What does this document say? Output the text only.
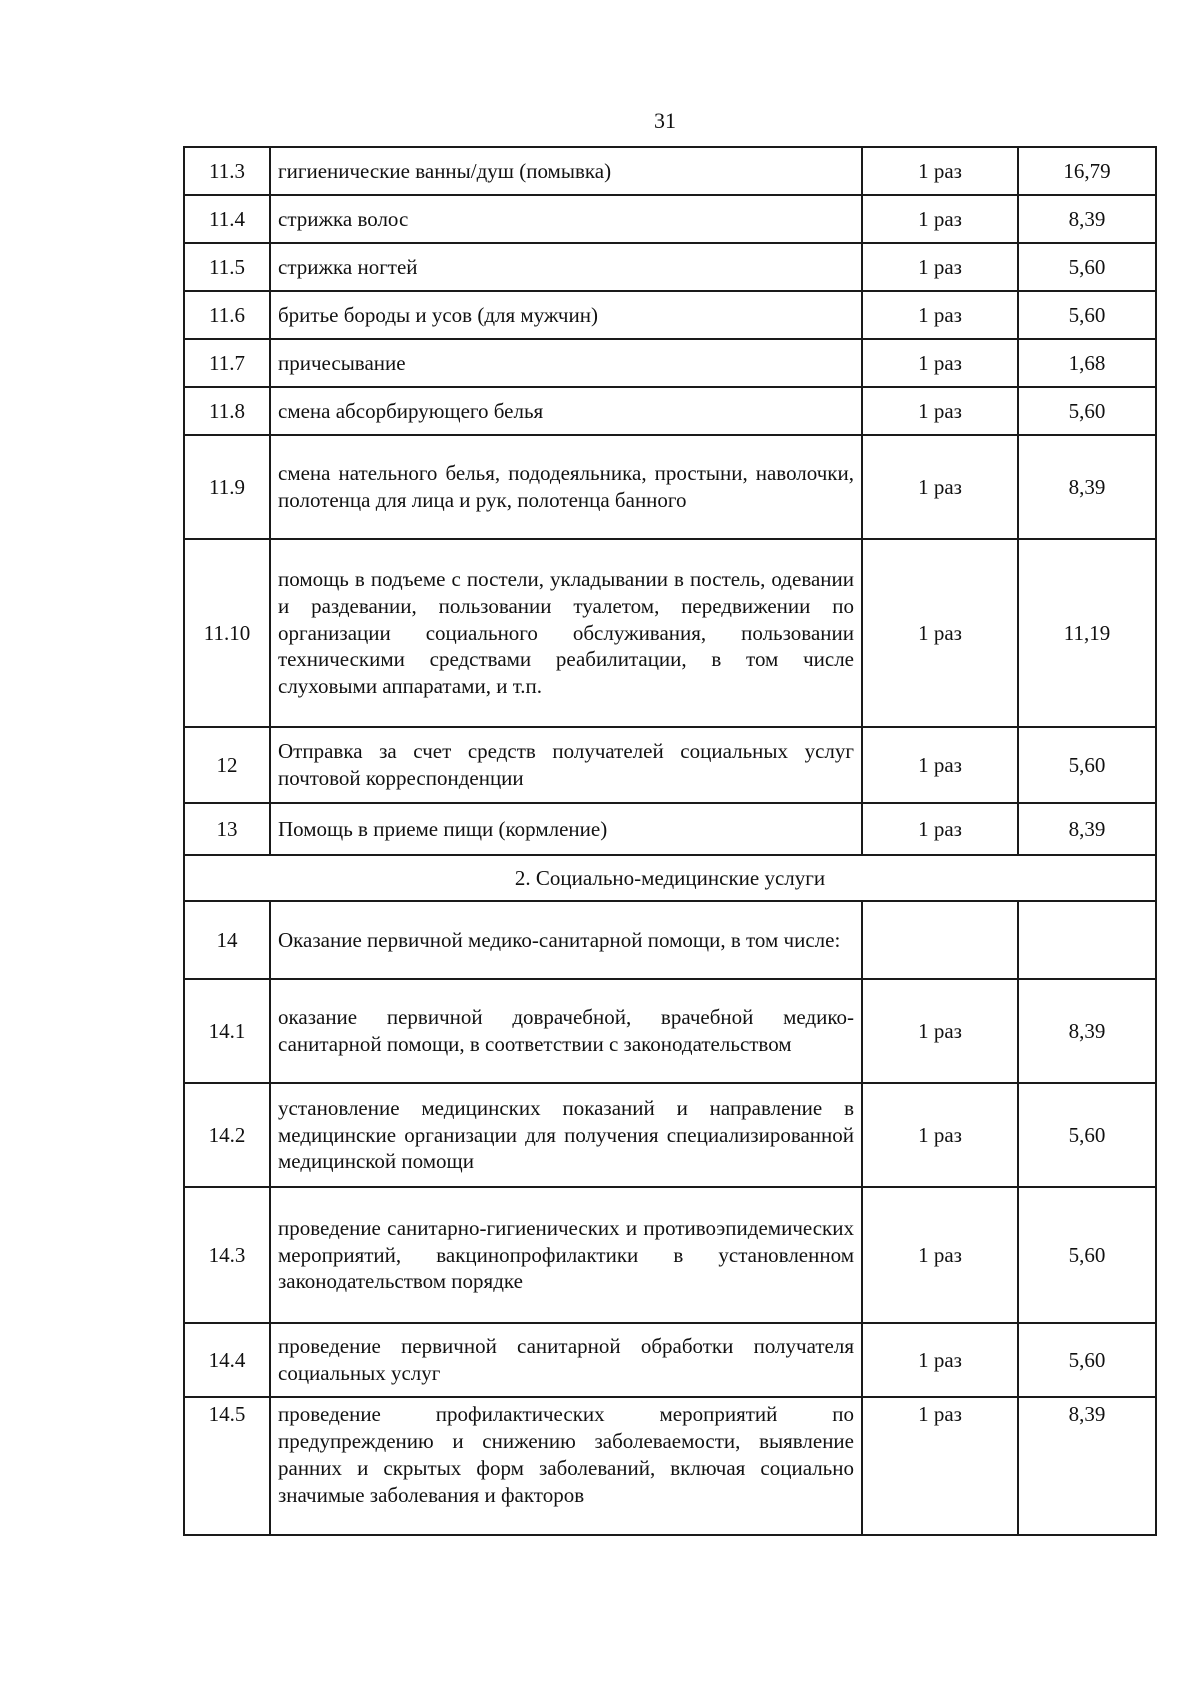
31
11.3	гигиенические ванны/душ (помывка)	1 раз	16,79
11.4	стрижка волос	1 раз	8,39
11.5	стрижка ногтей	1 раз	5,60
11.6	бритье бороды и усов (для мужчин)	1 раз	5,60
11.7	причесывание	1 раз	1,68
11.8	смена абсорбирующего белья	1 раз	5,60
11.9	смена нательного белья, пододеяльника, простыни, наволочки, полотенца для лица и рук, полотенца банного	1 раз	8,39
11.10	помощь в подъеме с постели, укладывании в постель, одевании и раздевании, пользовании туалетом, передвижении по организации социального обслуживания, пользовании техническими средствами реабилитации, в том числе слуховыми аппаратами, и т.п.	1 раз	11,19
12	Отправка за счет средств получателей социальных услуг почтовой корреспонденции	1 раз	5,60
13	Помощь в приеме пищи (кормление)	1 раз	8,39
2. Социально-медицинские услуги			
14	Оказание первичной медико-санитарной помощи, в том числе:		
14.1	оказание первичной доврачебной, врачебной медико-санитарной помощи, в соответствии с законодательством	1 раз	8,39
14.2	установление медицинских показаний и направление в медицинские организации для получения специализированной медицинской помощи	1 раз	5,60
14.3	проведение санитарно-гигиенических и противоэпидемических мероприятий, вакцинопрофилактики в установленном законодательством порядке	1 раз	5,60
14.4	проведение первичной санитарной обработки получателя социальных услуг	1 раз	5,60
14.5	проведение профилактических мероприятий по предупреждению и снижению заболеваемости, выявление ранних и скрытых форм заболеваний, включая социально значимые заболевания и факторов	1 раз	8,39
